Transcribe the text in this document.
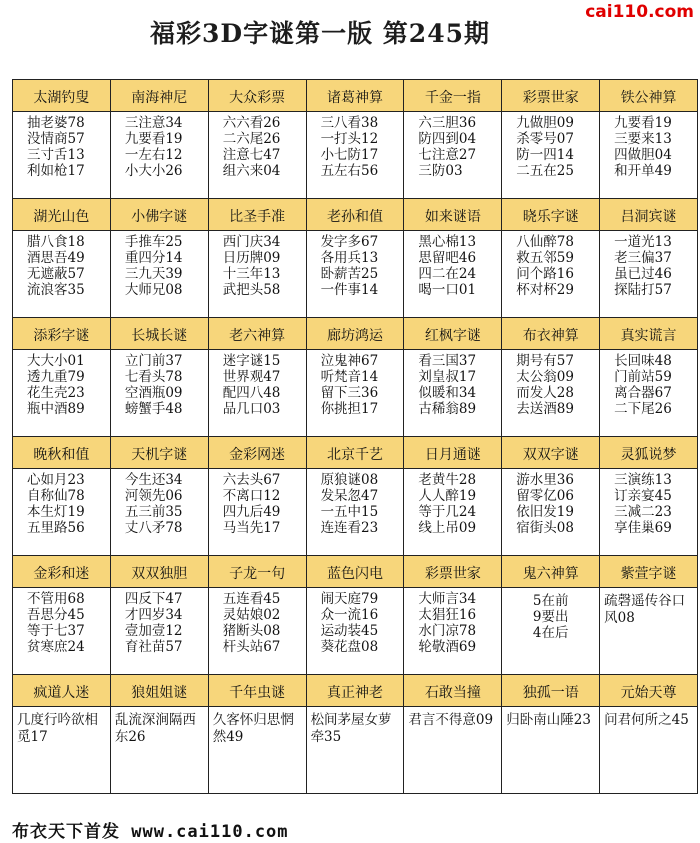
福彩3D字谜第一版 第245期
cai110.com
太湖钓叟
抽老婆78
没情商57
三寸舌13
利如枪17
南海神尼
三注意34
九要看19
一左右12
小大小26
大众彩票
六六看26
二六尾26
注意七47
组六来04
诸葛神算
三八看38
一打头12
小七防17
五左右56
千金一指
六三胆36
防四到04
七注意27
三防03
彩票世家
九做胆09
杀零号07
防一四14
二五在25
铁公神算
九要看19
三要来13
四做胆04
和开单49
湖光山色
腊八食18
酒思吾49
无遮蔽57
流浪客35
小佛字谜
手推车25
重四分14
三九天39
大师兄08
比圣手准
西门庆34
日历牌09
十三年13
武把头58
老孙和值
发字多67
各用兵13
卧薪苦25
一件事14
如来谜语
黑心棉13
思留吧46
四二在24
喝一口01
晓乐字谜
八仙醉78
救五邻59
问个路16
杯对杯29
吕洞宾谜
一道光13
老三偏37
虽已过46
探陆打57
添彩字谜
大大小01
透九重79
花生壳23
瓶中酒89
长城长谜
立门前37
七看头78
空酒瓶09
螃蟹手48
老六神算
迷字谜15
世界观47
配四八48
品几口03
廊坊鸿运
泣鬼神67
听梵音14
留下三36
你挑担17
红枫字谜
看三国37
刘皇叔17
似暖和34
古稀翁89
布衣神算
期号有57
太公翁09
而发人28
去送酒89
真实谎言
长回味48
门前站59
离合器67
二下尾26
晚秋和值
心如月23
自称仙78
本生灯19
五里路56
天机字谜
今生还34
河领先06
五三前35
丈八矛78
金彩网迷
六去头67
不离口12
四九后49
马当先17
北京千艺
原狼谜08
发呆忽47
一五中15
连连看23
日月通谜
老黄牛28
人人醉19
等于几24
线上吊09
双双字谜
游水里36
留零亿06
依旧发19
宿街头08
灵狐说梦
三演练13
订亲宴45
三减二23
享佳巢69
金彩和迷
不管用68
吾思分45
等于七37
贫寒庶24
双双独胆
四反下47
才四岁34
壹加壹12
育社苗57
子龙一句
五连看45
灵姑娘02
猪断头08
杆头站67
蓝色闪电
闹天庭79
众一流16
运动装45
葵花盘08
彩票世家
大师言34
太猖狂16
水门凉78
轮敬酒69
鬼六神算
5在前
9要出
4在后
紫萱字谜
疏磬遥传谷口风08
疯道人迷
几度行吟欲相觅17
狼姐姐谜
乱流深涧隔西东26
千年虫谜
久客怀归思惘然49
真正神老
松间茅屋女萝牵35
石敢当撞
君言不得意09
独孤一语
归卧南山陲23
元始天尊
问君何所之45
布衣天下首发 www.cai110.com
